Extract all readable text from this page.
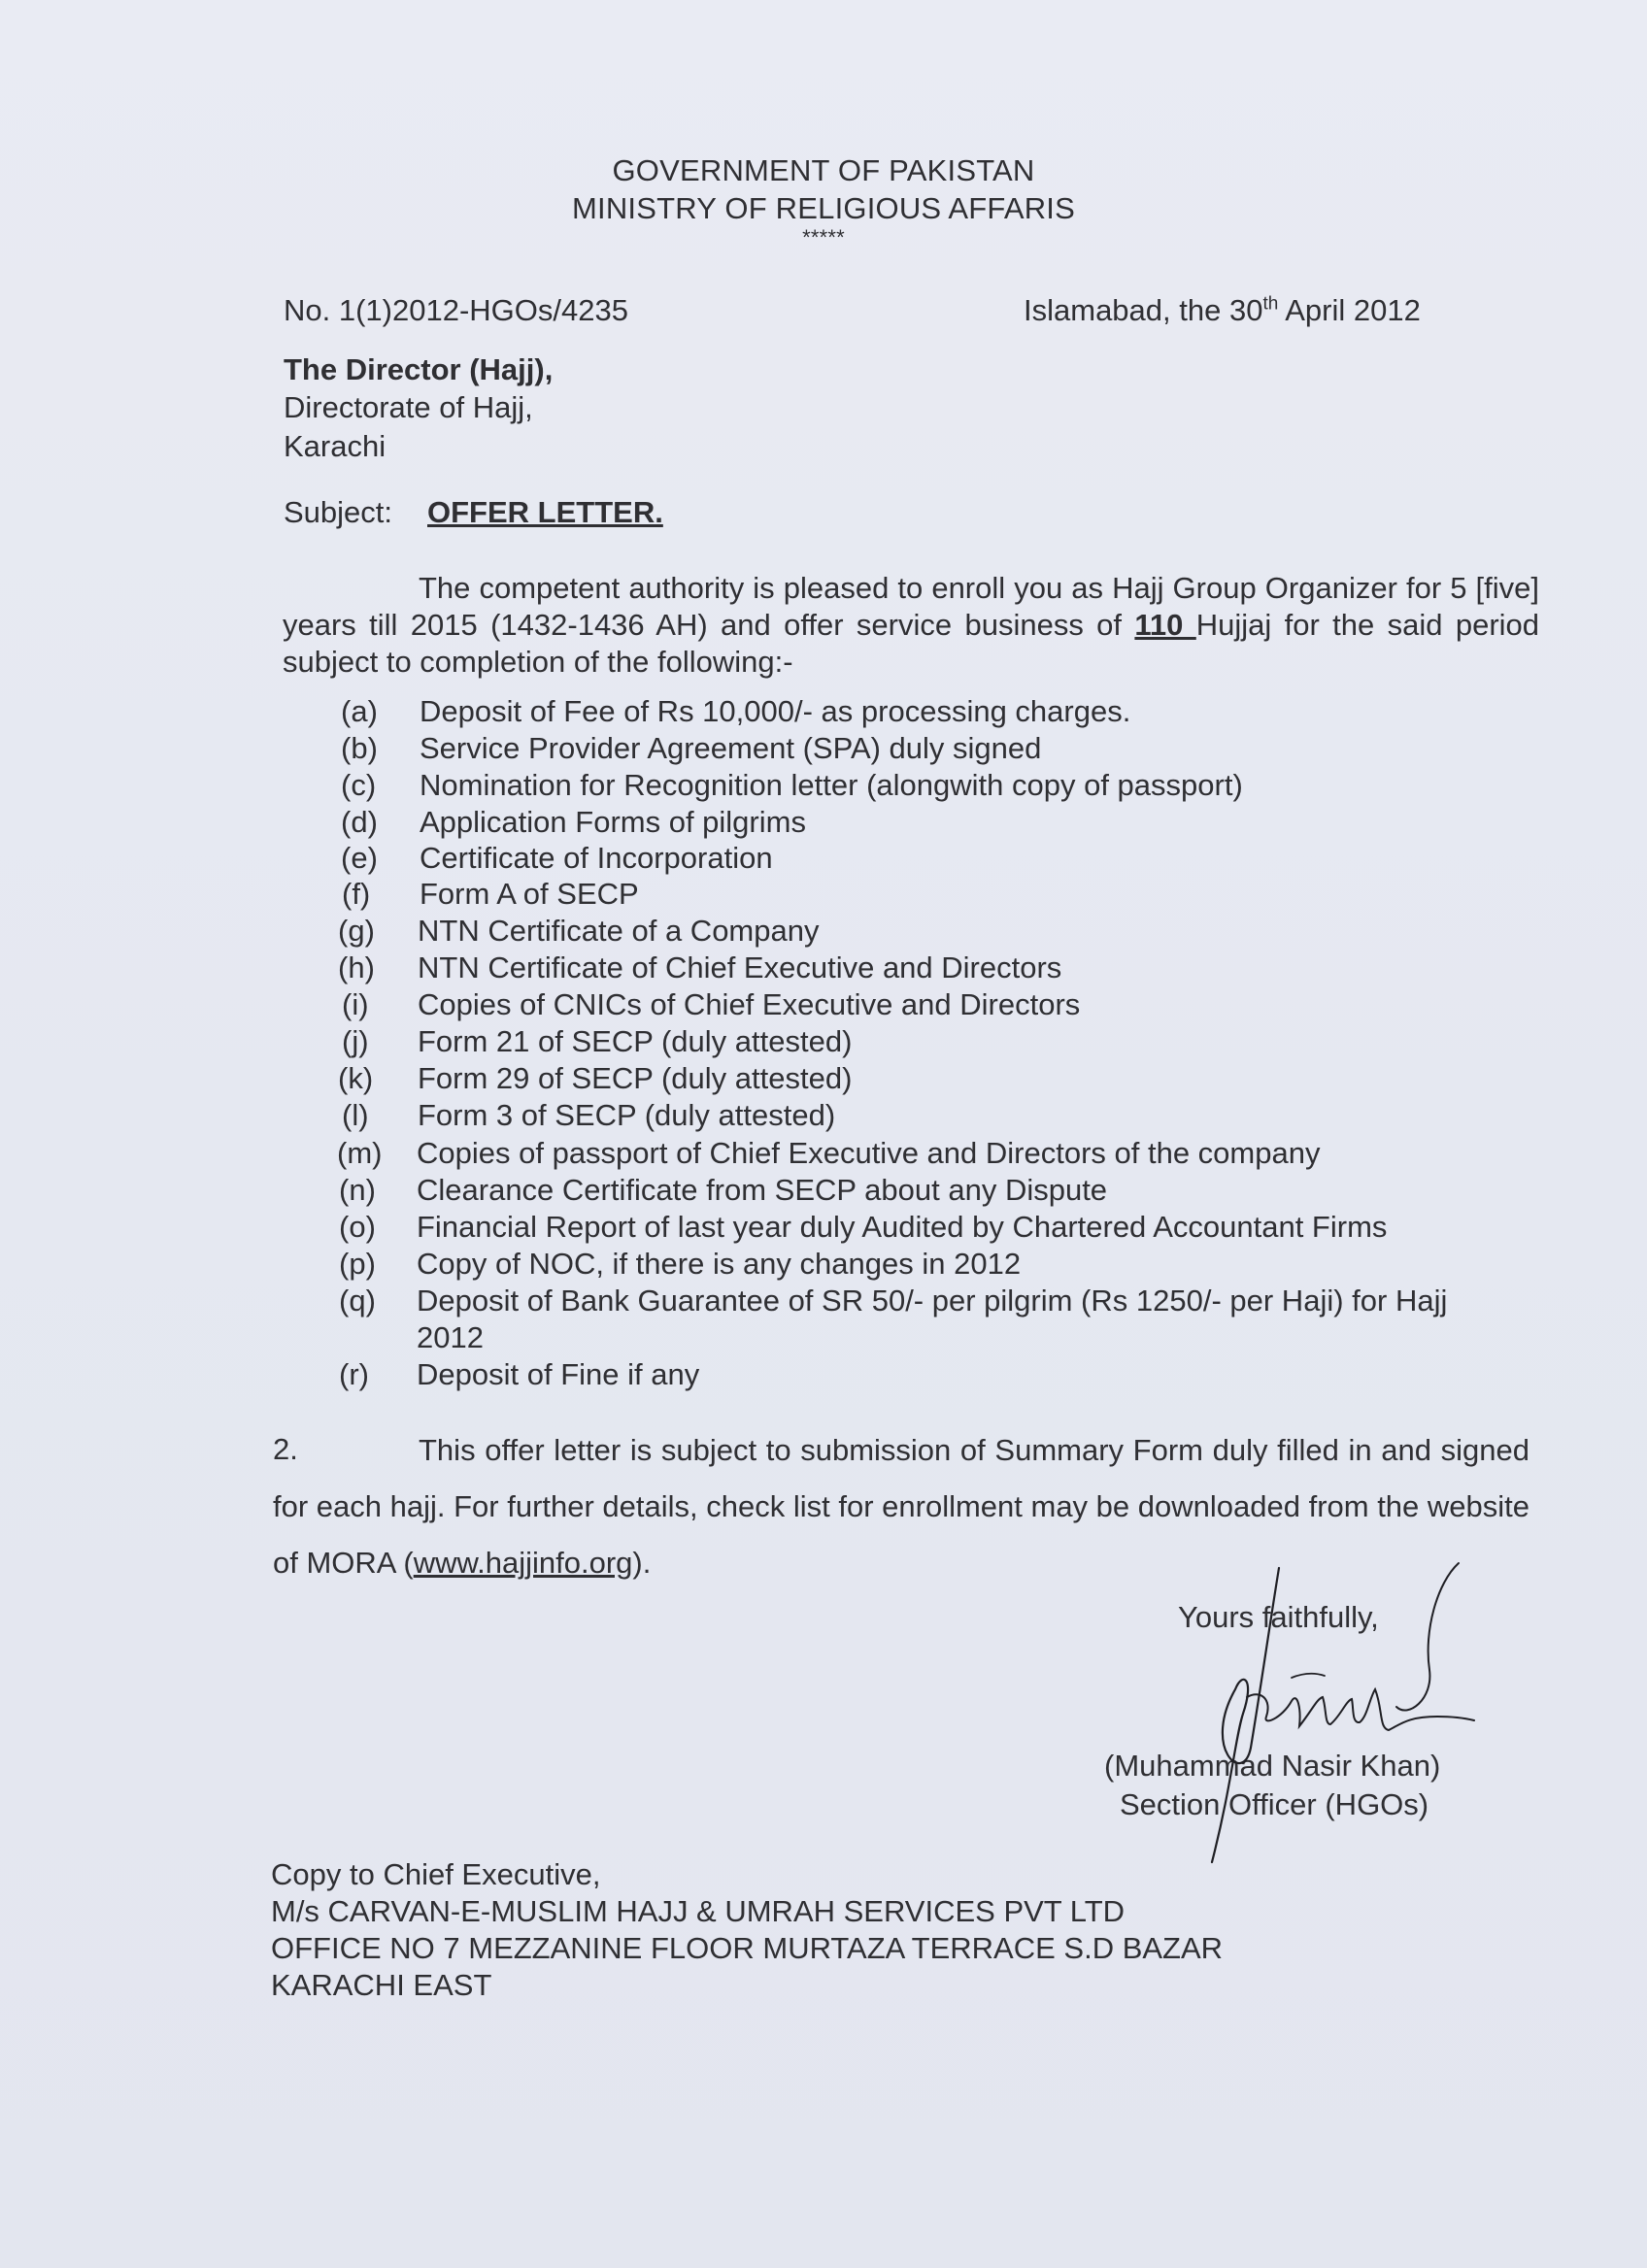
GOVERNMENT OF PAKISTAN
MINISTRY OF RELIGIOUS AFFARIS
*****
No. 1(1)2012-HGOs/4235	Islamabad, the 30th April 2012
The Director (Hajj),
Directorate of Hajj,
Karachi
Subject: OFFER LETTER.
The competent authority is pleased to enroll you as Hajj Group Organizer for 5 [five] years till 2015 (1432-1436 AH) and offer service business of 110 Hujjaj for the said period subject to completion of the following:-
(a) Deposit of Fee of Rs 10,000/- as processing charges.
(b) Service Provider Agreement (SPA) duly signed
(c) Nomination for Recognition letter (alongwith copy of passport)
(d) Application Forms of pilgrims
(e) Certificate of Incorporation
(f) Form A of SECP
(g) NTN Certificate of a Company
(h) NTN Certificate of Chief Executive and Directors
(i) Copies of CNICs of Chief Executive and Directors
(j) Form 21 of SECP (duly attested)
(k) Form 29 of SECP (duly attested)
(l) Form 3 of SECP (duly attested)
(m) Copies of passport of Chief Executive and Directors of the company
(n) Clearance Certificate from SECP about any Dispute
(o) Financial Report of last year duly Audited by Chartered Accountant Firms
(p) Copy of NOC, if there is any changes in 2012
(q) Deposit of Bank Guarantee of SR 50/- per pilgrim (Rs 1250/- per Haji) for Hajj
2012
(r) Deposit of Fine if any
2.	This offer letter is subject to submission of Summary Form duly filled in and signed for each hajj. For further details, check list for enrollment may be downloaded from the website of MORA (www.hajjinfo.org).
Yours faithfully,
(Muhammad Nasir Khan)
Section Officer (HGOs)
Copy to Chief Executive,
M/s CARVAN-E-MUSLIM HAJJ & UMRAH SERVICES PVT LTD
OFFICE NO 7 MEZZANINE FLOOR MURTAZA TERRACE S.D BAZAR
KARACHI EAST
